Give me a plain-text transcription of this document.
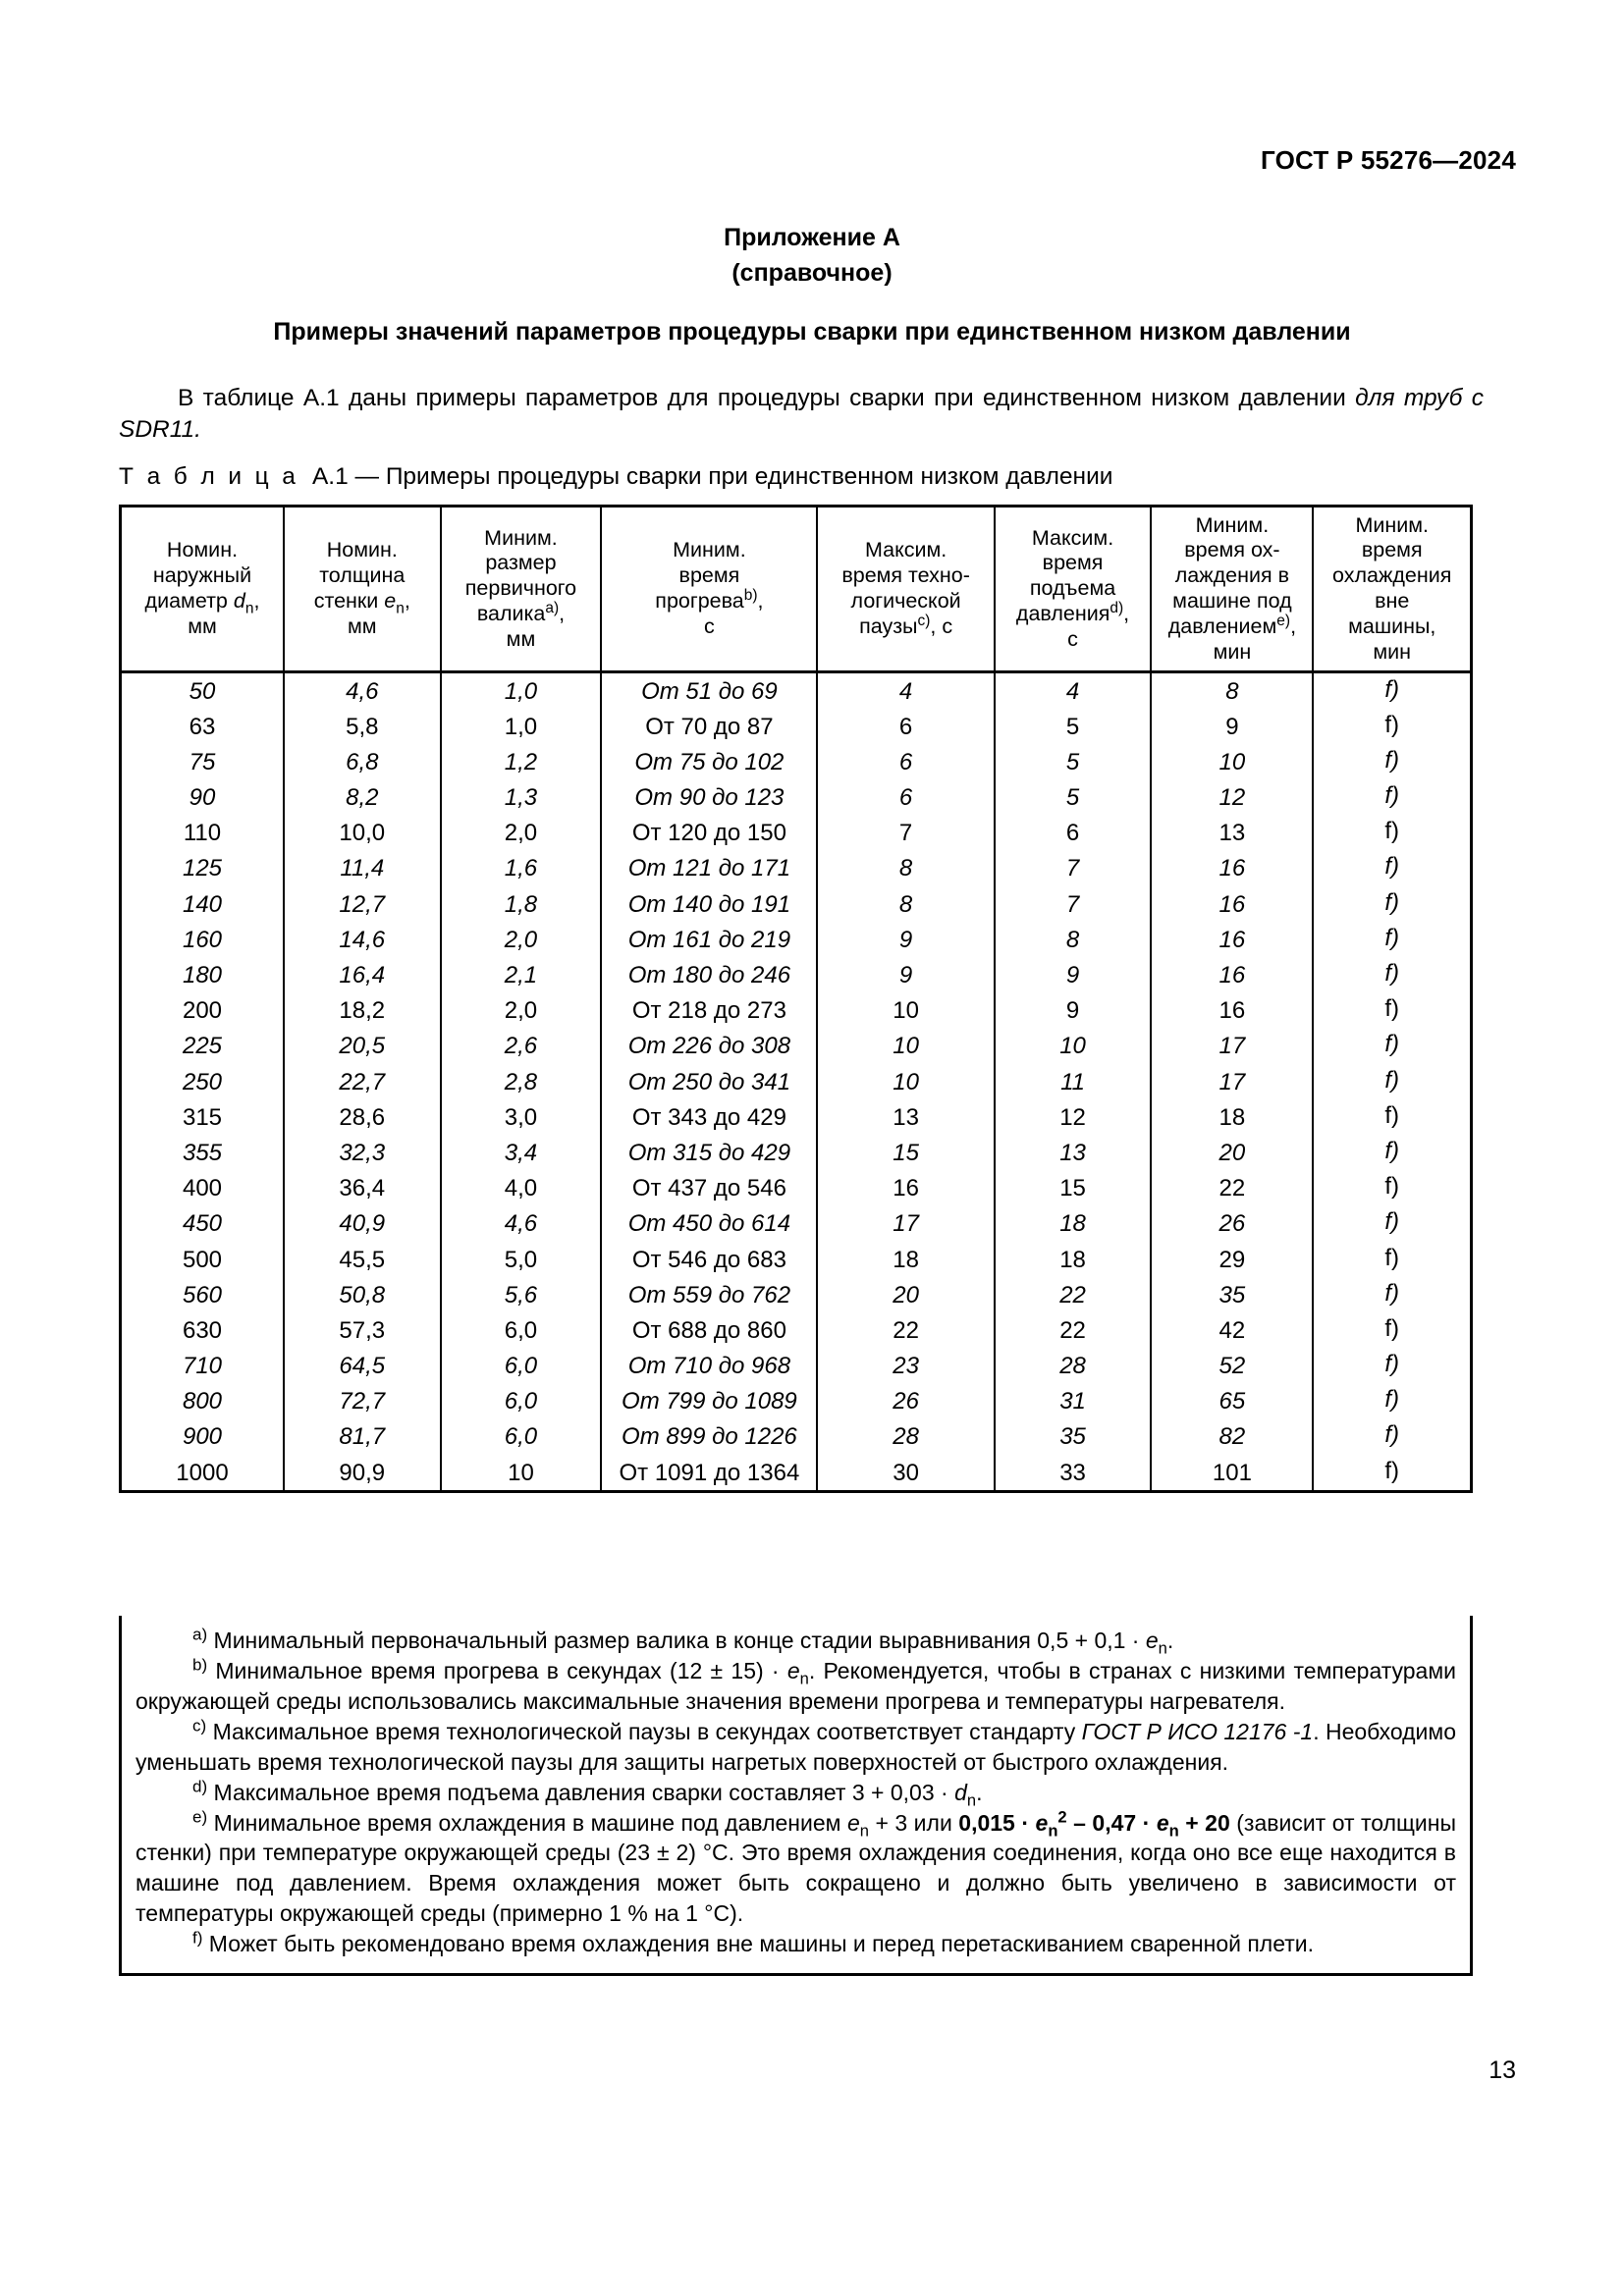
ГОСТ Р 55276—2024
Приложение А
(справочное)
Примеры значений параметров процедуры сварки при единственном низком давлении
В таблице А.1 даны примеры параметров для процедуры сварки при единственном низком давлении для труб с SDR11.
Т а б л и ц а А.1 — Примеры процедуры сварки при единственном низком давлении
Номин.
наружный
диаметр $d_n$,
мм	Номин.
толщина
стенки $e_n$,
мм	Миним.
размер
первичного
валика$^{a)}$,
мм	Миним.
время
прогрева$^{b)}$,
с	Максим.
время техно-
логической
паузы$^{c)}$, с	Максим.
время
подъема
давления$^{d)}$,
с	Миним.
время ох-
лаждения в
машине под
давлением$^{e)}$,
мин	Миним.
время
охлаждения
вне
машины,
мин
50	4,6	1,0	От 51 до 69	4	4	8	f)
63	5,8	1,0	От 70 до 87	6	5	9	f)
75	6,8	1,2	От 75 до 102	6	5	10	f)
90	8,2	1,3	От 90 до 123	6	5	12	f)
110	10,0	2,0	От 120 до 150	7	6	13	f)
125	11,4	1,6	От 121 до 171	8	7	16	f)
140	12,7	1,8	От 140 до 191	8	7	16	f)
160	14,6	2,0	От 161 до 219	9	8	16	f)
180	16,4	2,1	От 180 до 246	9	9	16	f)
200	18,2	2,0	От 218 до 273	10	9	16	f)
225	20,5	2,6	От 226 до 308	10	10	17	f)
250	22,7	2,8	От 250 до 341	10	11	17	f)
315	28,6	3,0	От 343 до 429	13	12	18	f)
355	32,3	3,4	От 315 до 429	15	13	20	f)
400	36,4	4,0	От 437 до 546	16	15	22	f)
450	40,9	4,6	От 450 до 614	17	18	26	f)
500	45,5	5,0	От 546 до 683	18	18	29	f)
560	50,8	5,6	От 559 до 762	20	22	35	f)
630	57,3	6,0	От 688 до 860	22	22	42	f)
710	64,5	6,0	От 710 до 968	23	28	52	f)
800	72,7	6,0	От 799 до 1089	26	31	65	f)
900	81,7	6,0	От 899 до 1226	28	35	82	f)
1000	90,9	10	От 1091 до 1364	30	33	101	f)

$^{a)}$ Минимальный первоначальный размер валика в конце стадии выравнивания $0,5 + 0,1 \cdot e_n$.

$^{b)}$ Минимальное время прогрева в секундах $(12 \pm 15) \cdot e_n$. Рекомендуется, чтобы в странах с низкими температурами окружающей среды использовались максимальные значения времени прогрева и температуры нагревателя.

$^{c)}$ Максимальное время технологической паузы в секундах соответствует стандарту ГОСТ Р ИСО 12176 -1. Необходимо уменьшать время технологической паузы для защиты нагретых поверхностей от быстрого охлаждения.

$^{d)}$ Максимальное время подъема давления сварки составляет $3 + 0,03 \cdot d_n$.

$^{e)}$ Минимальное время охлаждения в машине под давлением $e_n + 3$ или $0,015 \cdot e_n^2 - 0,47 \cdot e_n + 20$ (зависит от толщины стенки) при температуре окружающей среды (23 ± 2) °C. Это время охлаждения соединения, когда оно все еще находится в машине под давлением. Время охлаждения может быть сокращено и должно быть увеличено в зависимости от температуры окружающей среды (примерно 1 % на 1 °C).

$^{f)}$ Может быть рекомендовано время охлаждения вне машины и перед перетаскиванием сваренной плети.

13
